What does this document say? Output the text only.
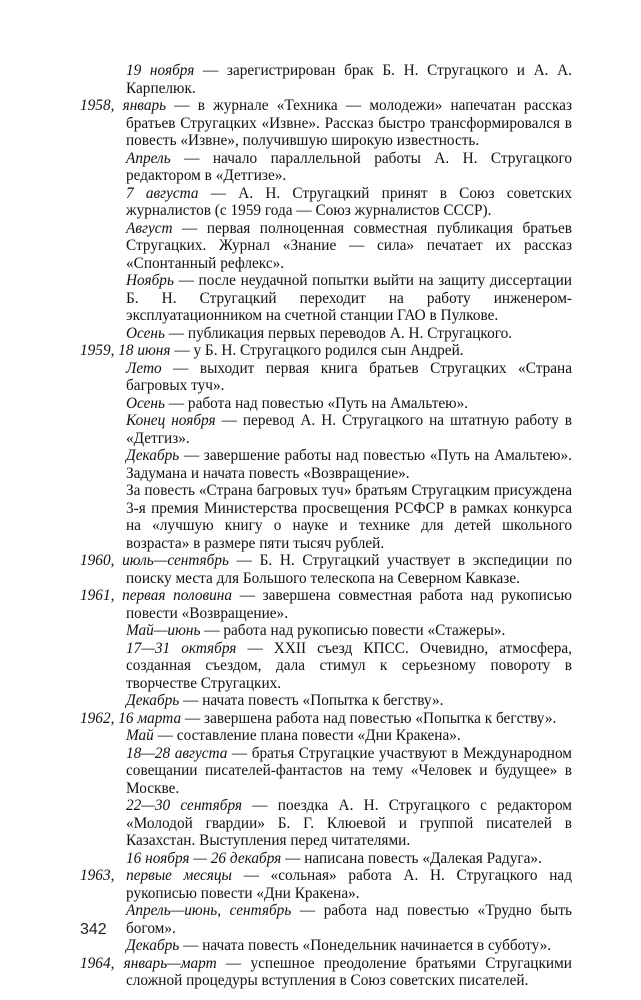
19 ноября — зарегистрирован брак Б. Н. Стругацкого и А. А. Карпелюк.

1958, январь — в журнале «Техника — молодежи» напечатан рассказ братьев Стругацких «Извне». Рассказ быстро трансформировался в повесть «Извне», получившую широкую известность.

Апрель — начало параллельной работы А. Н. Стругацкого редактором в «Детгизе».

7 августа — А. Н. Стругацкий принят в Союз советских журналистов (с 1959 года — Союз журналистов СССР).

Август — первая полноценная совместная публикация братьев Стругацких. Журнал «Знание — сила» печатает их рассказ «Спонтанный рефлекс».

Ноябрь — после неудачной попытки выйти на защиту диссертации Б. Н. Стругацкий переходит на работу инженером-эксплуатационником на счетной станции ГАО в Пулкове.

Осень — публикация первых переводов А. Н. Стругацкого.

1959, 18 июня — у Б. Н. Стругацкого родился сын Андрей.

Лето — выходит первая книга братьев Стругацких «Страна багровых туч».

Осень — работа над повестью «Путь на Амальтею».

Конец ноября — перевод А. Н. Стругацкого на штатную работу в «Детгиз».

Декабрь — завершение работы над повестью «Путь на Амальтею». Задумана и начата повесть «Возвращение».

За повесть «Страна багровых туч» братьям Стругацким присуждена 3-я премия Министерства просвещения РСФСР в рамках конкурса на «лучшую книгу о науке и технике для детей школьного возраста» в размере пяти тысяч рублей.

1960, июль—сентябрь — Б. Н. Стругацкий участвует в экспедиции по поиску места для Большого телескопа на Северном Кавказе.

1961, первая половина — завершена совместная работа над рукописью повести «Возвращение».

Май—июнь — работа над рукописью повести «Стажеры».

17—31 октября — XXII съезд КПСС. Очевидно, атмосфера, созданная съездом, дала стимул к серьезному повороту в творчестве Стругацких.

Декабрь — начата повесть «Попытка к бегству».

1962, 16 марта — завершена работа над повестью «Попытка к бегству».

Май — составление плана повести «Дни Кракена».

18—28 августа — братья Стругацкие участвуют в Международном совещании писателей-фантастов на тему «Человек и будущее» в Москве.

22—30 сентября — поездка А. Н. Стругацкого с редактором «Молодой гвардии» Б. Г. Клюевой и группой писателей в Казахстан. Выступления перед читателями.

16 ноября — 26 декабря — написана повесть «Далекая Радуга».

1963, первые месяцы — «сольная» работа А. Н. Стругацкого над рукописью повести «Дни Кракена».

Апрель—июнь, сентябрь — работа над повестью «Трудно быть богом».

Декабрь — начата повесть «Понедельник начинается в субботу».

1964, январь—март — успешное преодоление братьями Стругацкими сложной процедуры вступления в Союз советских писателей.

342
